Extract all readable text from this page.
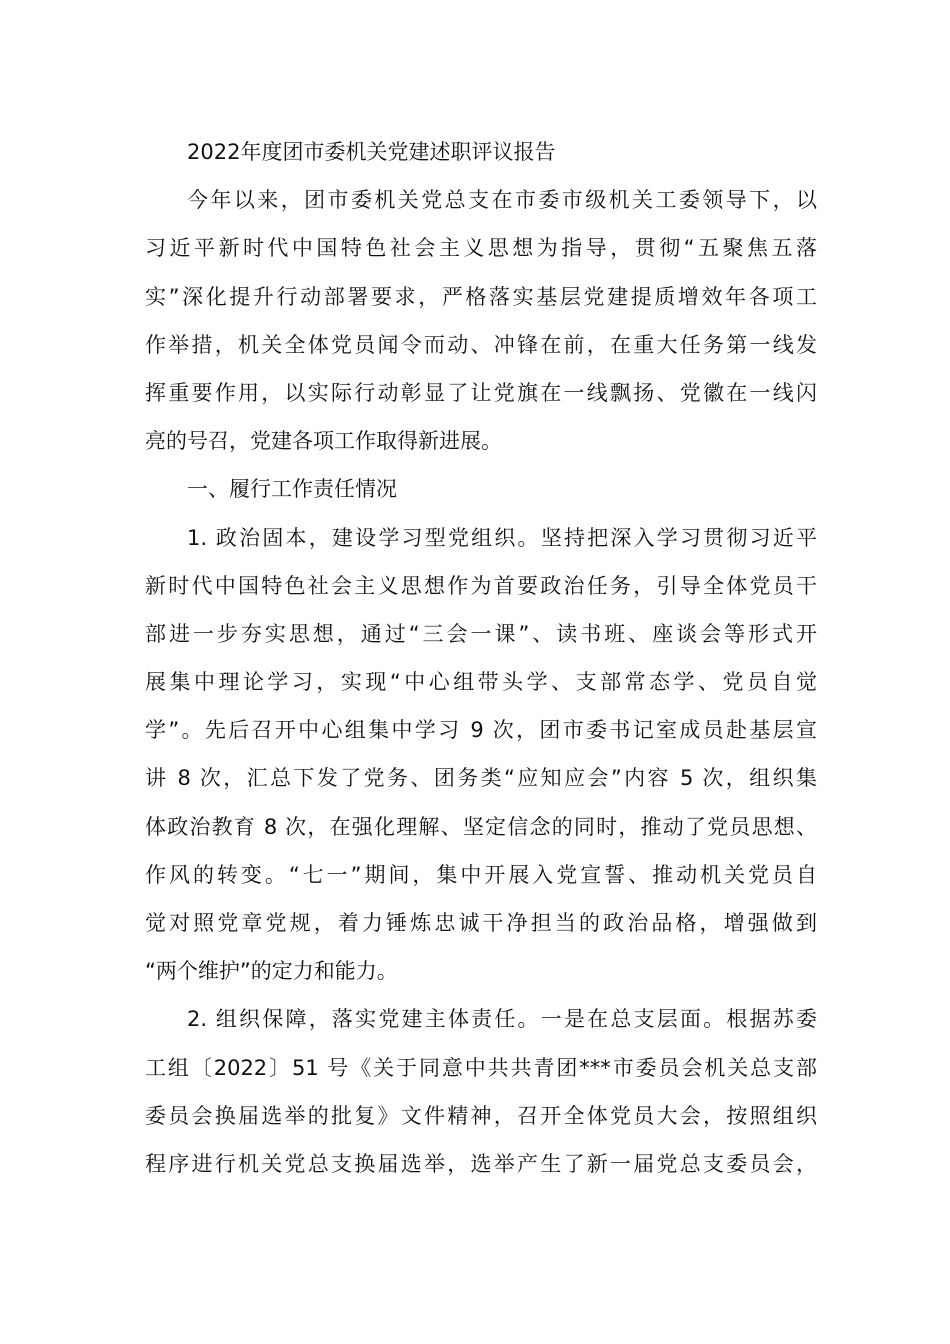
2022年度团市委机关党建述职评议报告
今年以来，团市委机关党总支在市委市级机关工委领导下，以
习近平新时代中国特色社会主义思想为指导，贯彻“五聚焦五落
实”深化提升行动部署要求，严格落实基层党建提质增效年各项工
作举措，机关全体党员闻令而动、冲锋在前，在重大任务第一线发
挥重要作用，以实际行动彰显了让党旗在一线飘扬、党徽在一线闪
亮的号召，党建各项工作取得新进展。
一、履行工作责任情况
1. 政治固本，建设学习型党组织。坚持把深入学习贯彻习近平
新时代中国特色社会主义思想作为首要政治任务，引导全体党员干
部进一步夯实思想，通过“三会一课”、读书班、座谈会等形式开
展集中理论学习，实现“中心组带头学、支部常态学、党员自觉
学”。先后召开中心组集中学习 9 次，团市委书记室成员赴基层宣
讲 8 次，汇总下发了党务、团务类“应知应会”内容 5 次，组织集
体政治教育 8 次，在强化理解、坚定信念的同时，推动了党员思想、
作风的转变。“七一”期间，集中开展入党宣誓、推动机关党员自
觉对照党章党规，着力锤炼忠诚干净担当的政治品格，增强做到
“两个维护”的定力和能力。
2. 组织保障，落实党建主体责任。一是在总支层面。根据苏委
工组〔2022〕51 号《关于同意中共共青团***市委员会机关总支部
委员会换届选举的批复》文件精神，召开全体党员大会，按照组织
程序进行机关党总支换届选举，选举产生了新一届党总支委员会，
